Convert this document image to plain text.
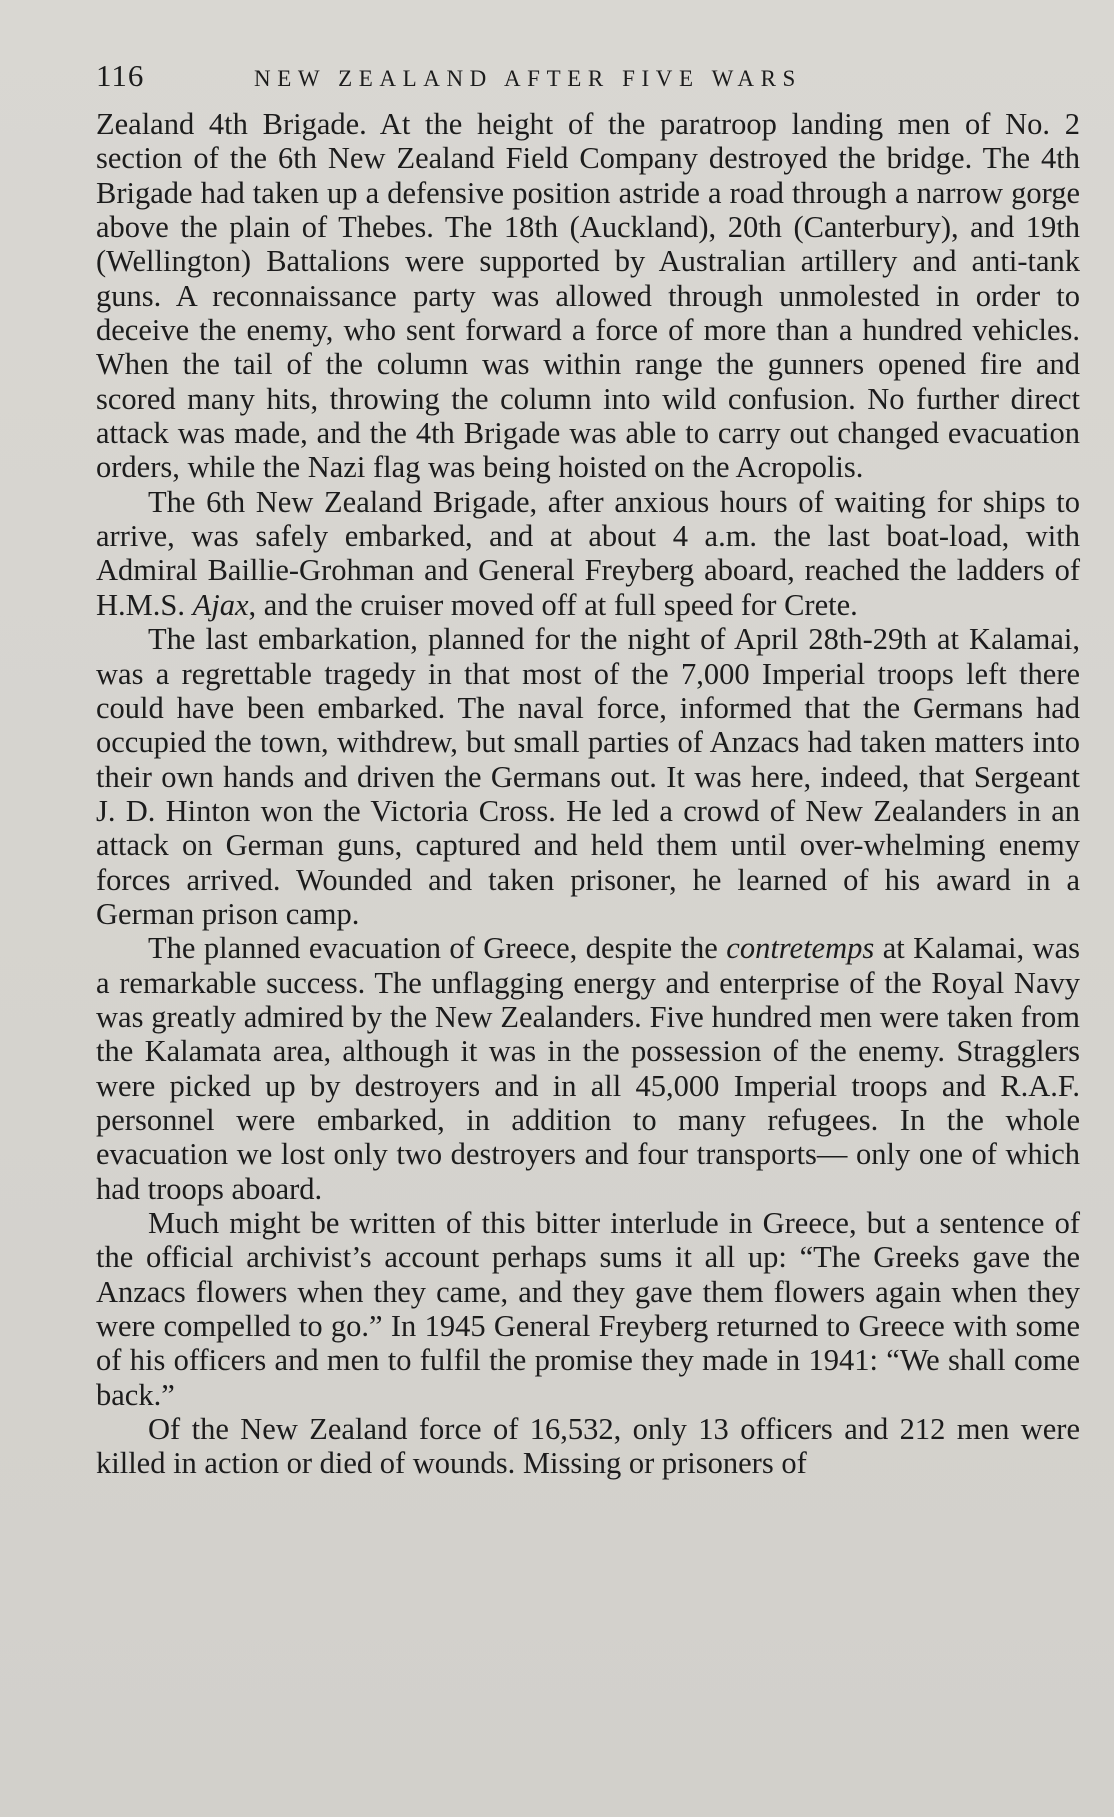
116	NEW ZEALAND AFTER FIVE WARS

Zealand 4th Brigade. At the height of the paratroop landing men of No. 2 section of the 6th New Zealand Field Company destroyed the bridge. The 4th Brigade had taken up a defensive position astride a road through a narrow gorge above the plain of Thebes. The 18th (Auckland), 20th (Canterbury), and 19th (Wellington) Battalions were supported by Australian artillery and anti-tank guns. A reconnaissance party was allowed through unmolested in order to deceive the enemy, who sent forward a force of more than a hundred vehicles. When the tail of the column was within range the gunners opened fire and scored many hits, throwing the column into wild confusion. No further direct attack was made, and the 4th Brigade was able to carry out changed evacuation orders, while the Nazi flag was being hoisted on the Acropolis.

The 6th New Zealand Brigade, after anxious hours of waiting for ships to arrive, was safely embarked, and at about 4 a.m. the last boat-load, with Admiral Baillie-Grohman and General Freyberg aboard, reached the ladders of H.M.S. Ajax, and the cruiser moved off at full speed for Crete.

The last embarkation, planned for the night of April 28th-29th at Kalamai, was a regrettable tragedy in that most of the 7,000 Imperial troops left there could have been embarked. The naval force, informed that the Germans had occupied the town, withdrew, but small parties of Anzacs had taken matters into their own hands and driven the Germans out. It was here, indeed, that Sergeant J. D. Hinton won the Victoria Cross. He led a crowd of New Zealanders in an attack on German guns, captured and held them until over-whelming enemy forces arrived. Wounded and taken prisoner, he learned of his award in a German prison camp.

The planned evacuation of Greece, despite the contretemps at Kalamai, was a remarkable success. The unflagging energy and enterprise of the Royal Navy was greatly admired by the New Zealanders. Five hundred men were taken from the Kalamata area, although it was in the possession of the enemy. Stragglers were picked up by destroyers and in all 45,000 Imperial troops and R.A.F. personnel were embarked, in addition to many refugees. In the whole evacuation we lost only two destroyers and four transports— only one of which had troops aboard.

Much might be written of this bitter interlude in Greece, but a sentence of the official archivist’s account perhaps sums it all up: “The Greeks gave the Anzacs flowers when they came, and they gave them flowers again when they were compelled to go.” In 1945 General Freyberg returned to Greece with some of his officers and men to fulfil the promise they made in 1941: “We shall come back.”

Of the New Zealand force of 16,532, only 13 officers and 212 men were killed in action or died of wounds. Missing or prisoners of
